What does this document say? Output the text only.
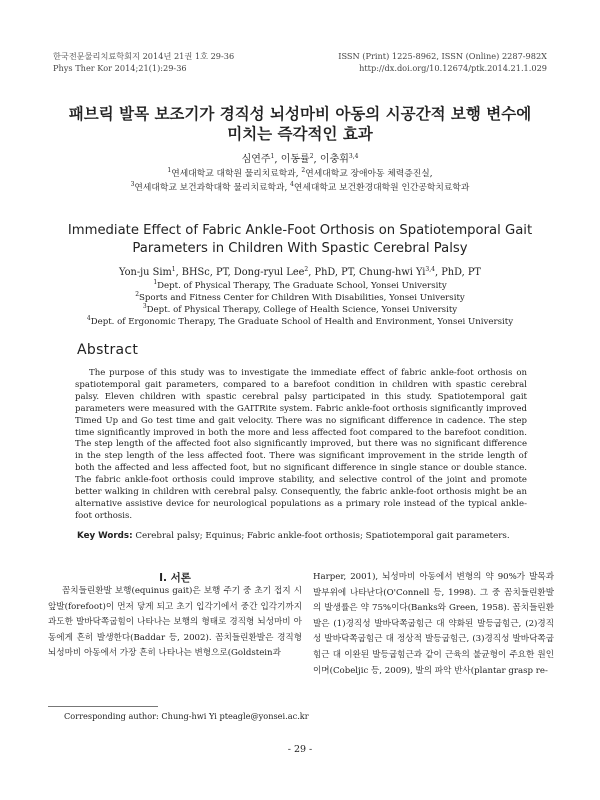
한국전문물리치료학회지 2014년 21권 1호 29-36
Phys Ther Kor 2014;21(1):29-36
ISSN (Print) 1225-8962, ISSN (Online) 2287-982X
http://dx.doi.org/10.12674/ptk.2014.21.1.029
패브릭 발목 보조기가 경직성 뇌성마비 아동의 시공간적 보행 변수에
미치는 즉각적인 효과
심연주$^1$, 이동률$^2$, 이충휘$^{3,4}$
$^1$연세대학교 대학원 물리치료학과, $^2$연세대학교 장애아동 체력증진실,
$^3$연세대학교 보건과학대학 물리치료학과, $^4$연세대학교 보건환경대학원 인간공학치료학과
Immediate Effect of Fabric Ankle-Foot Orthosis on Spatiotemporal Gait
Parameters in Children With Spastic Cerebral Palsy
Yon-ju Sim$^1$, BHSc, PT, Dong-ryul Lee$^2$, PhD, PT, Chung-hwi Yi$^{3,4}$, PhD, PT
$^1$Dept. of Physical Therapy, The Graduate School, Yonsei University
$^2$Sports and Fitness Center for Children With Disabilities, Yonsei University
$^3$Dept. of Physical Therapy, College of Health Science, Yonsei University
$^4$Dept. of Ergonomic Therapy, The Graduate School of Health and Environment, Yonsei University
Abstract
The purpose of this study was to investigate the immediate effect of fabric ankle-foot orthosis on spatiotemporal gait parameters, compared to a barefoot condition in children with spastic cerebral palsy. Eleven children with spastic cerebral palsy participated in this study. Spatiotemporal gait parameters were measured with the GAITRite system. Fabric ankle-foot orthosis significantly improved Timed Up and Go test time and gait velocity. There was no significant difference in cadence. The step time significantly improved in both the more and less affected foot compared to the barefoot condition. The step length of the affected foot also significantly improved, but there was no significant difference in the step length of the less affected foot. There was significant improvement in the stride length of both the affected and less affected foot, but no significant difference in single stance or double stance. The fabric ankle-foot orthosis could improve stability, and selective control of the joint and promote better walking in children with cerebral palsy. Consequently, the fabric ankle-foot orthosis might be an alternative assistive device for neurological populations as a primary role instead of the typical ankle-foot orthosis.
Key Words: Cerebral palsy; Equinus; Fabric ankle-foot orthosis; Spatiotemporal gait parameters.
Ⅰ. 서론
꼼치들린환발 보행(equinus gait)은 보행 주기 중 초기 접지 시 앞발(forefoot)이 먼저 닿게 되고 초기 입각기에서 중간 입각기까지 과도한 발바닥쪽굽힘이 나타나는 보행의 형태로 경직형 뇌성마비 아동에게 흔히 발생한다(Baddar 등, 2002). 꼼치들린환발은 경직형 뇌성마비 아동에서 가장 흔히 나타나는 변형으로(Goldstein과
Harper, 2001), 뇌성마비 아동에서 변형의 약 90%가 발목과 발부위에 나타난다(O'Connell 등, 1998). 그 중 꼼치들린환발의 발생률은 약 75%이다(Banks와 Green, 1958). 꼼치들린환발은 (1)경직성 발바닥쪽굽힘근 대 약화된 발등굽힘근, (2)경직성 발바닥쪽굽힘근 대 정상적 발등굽힘근, (3)경직성 발바닥쪽굽힘근 대 이완된 발등굽힘근과 같이 근육의 불균형이 주요한 원인이며(Cobeljic 등, 2009), 발의 파악 반사(plantar grasp re-
Corresponding author: Chung-hwi Yi pteagle@yonsei.ac.kr
- 29 -
